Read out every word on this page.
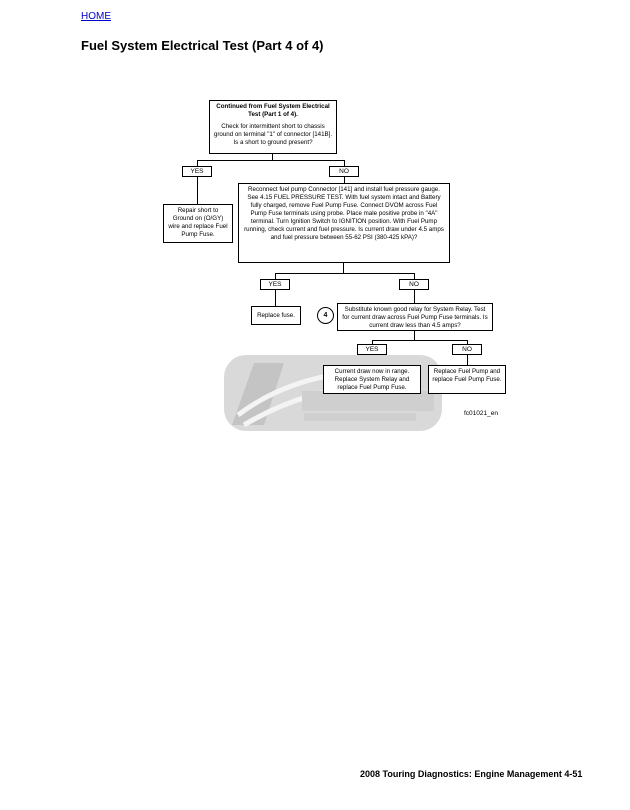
HOME
Fuel System Electrical Test (Part 4 of 4)

Continued from Fuel System Electrical Test (Part 1 of 4).

Check for intermittent short to chassis ground on terminal "1" of connector [141B]. Is a short to ground present?

YES	NO

Repair short to Ground on (O/GY) wire and replace Fuel Pump Fuse.

Reconnect fuel pump Connector [141] and install fuel pressure gauge. See 4.15 FUEL PRESSURE TEST. With fuel system intact and Battery fully charged, remove Fuel Pump Fuse. Connect DVOM across Fuel Pump Fuse terminals using probe. Place male positive probe in "4A" terminal. Turn Ignition Switch to IGNITION position. With Fuel Pump running, check current and fuel pressure. Is current draw under 4.5 amps and fuel pressure between 55-62 PSI (380-425 kPA)?

YES	NO

Replace fuse.	4

Substitute known good relay for System Relay. Test for current draw across Fuel Pump Fuse terminals. Is current draw less than 4.5 amps?

YES	NO

Current draw now in range. Replace System Relay and replace Fuel Pump Fuse.

Replace Fuel Pump and replace Fuel Pump Fuse.

fc01021_en
2008 Touring Diagnostics: Engine Management 4-51
